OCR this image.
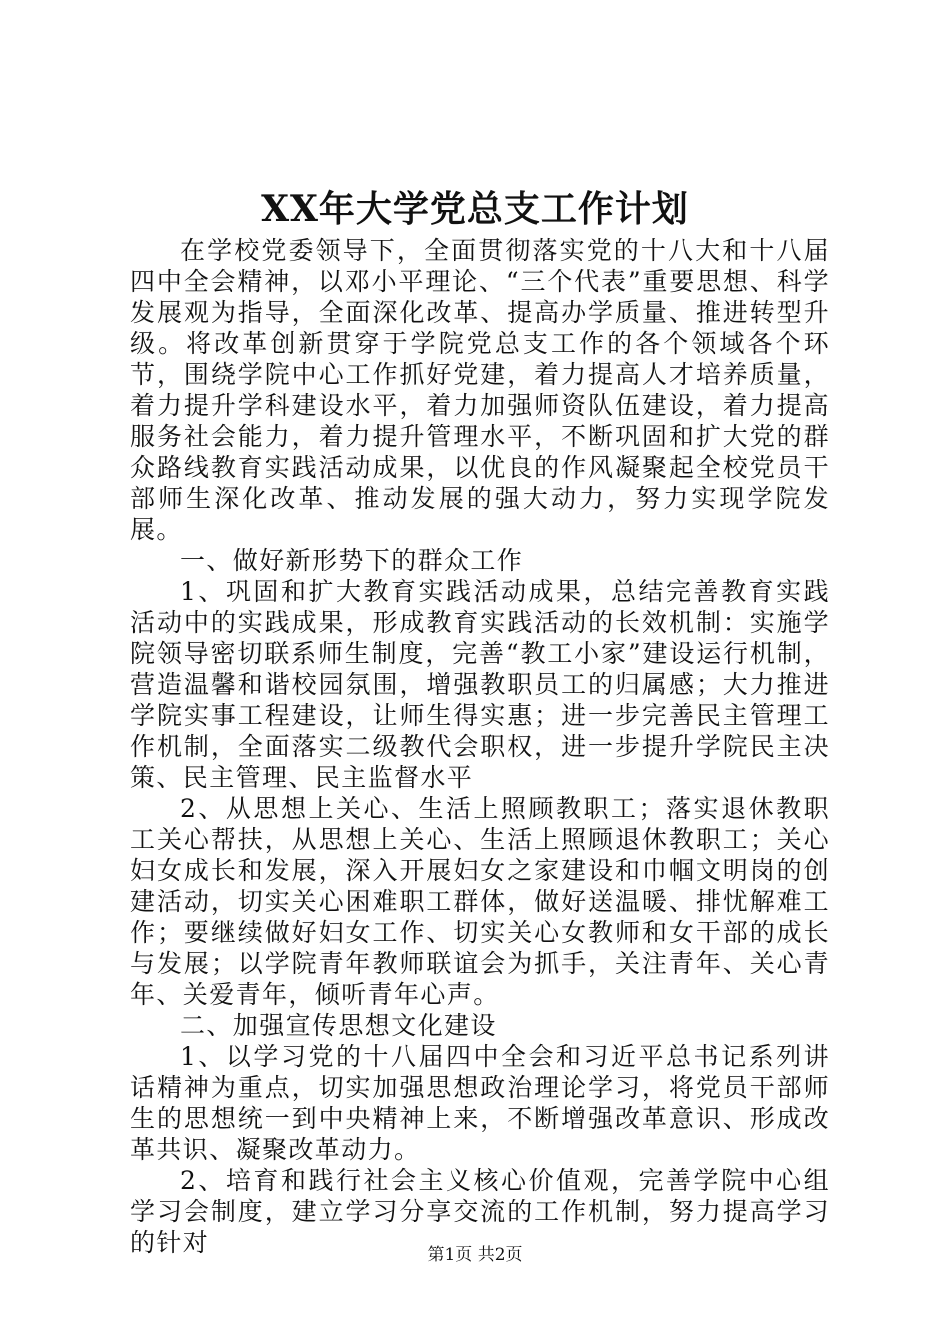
XX年大学党总支工作计划

在学校党委领导下，全面贯彻落实党的十八大和十八届四中全会精神，以邓小平理论、“三个代表”重要思想、科学发展观为指导，全面深化改革、提高办学质量、推进转型升级。将改革创新贯穿于学院党总支工作的各个领域各个环节，围绕学院中心工作抓好党建，着力提高人才培养质量，着力提升学科建设水平，着力加强师资队伍建设，着力提高服务社会能力，着力提升管理水平，不断巩固和扩大党的群众路线教育实践活动成果，以优良的作风凝聚起全校党员干部师生深化改革、推动发展的强大动力，努力实现学院发展。

一、做好新形势下的群众工作

1、巩固和扩大教育实践活动成果，总结完善教育实践活动中的实践成果，形成教育实践活动的长效机制：实施学院领导密切联系师生制度，完善“教工小家”建设运行机制，营造温馨和谐校园氛围，增强教职员工的归属感；大力推进学院实事工程建设，让师生得实惠；进一步完善民主管理工作机制，全面落实二级教代会职权，进一步提升学院民主决策、民主管理、民主监督水平

2、从思想上关心、生活上照顾教职工；落实退休教职工关心帮扶，从思想上关心、生活上照顾退休教职工；关心妇女成长和发展，深入开展妇女之家建设和巾帼文明岗的创建活动，切实关心困难职工群体，做好送温暖、排忧解难工作；要继续做好妇女工作、切实关心女教师和女干部的成长与发展；以学院青年教师联谊会为抓手，关注青年、关心青年、关爱青年，倾听青年心声。

二、加强宣传思想文化建设

1、以学习党的十八届四中全会和习近平总书记系列讲话精神为重点，切实加强思想政治理论学习，将党员干部师生的思想统一到中央精神上来，不断增强改革意识、形成改革共识、凝聚改革动力。

2、培育和践行社会主义核心价值观，完善学院中心组学习会制度，建立学习分享交流的工作机制，努力提高学习的针对	第1页 共2页
